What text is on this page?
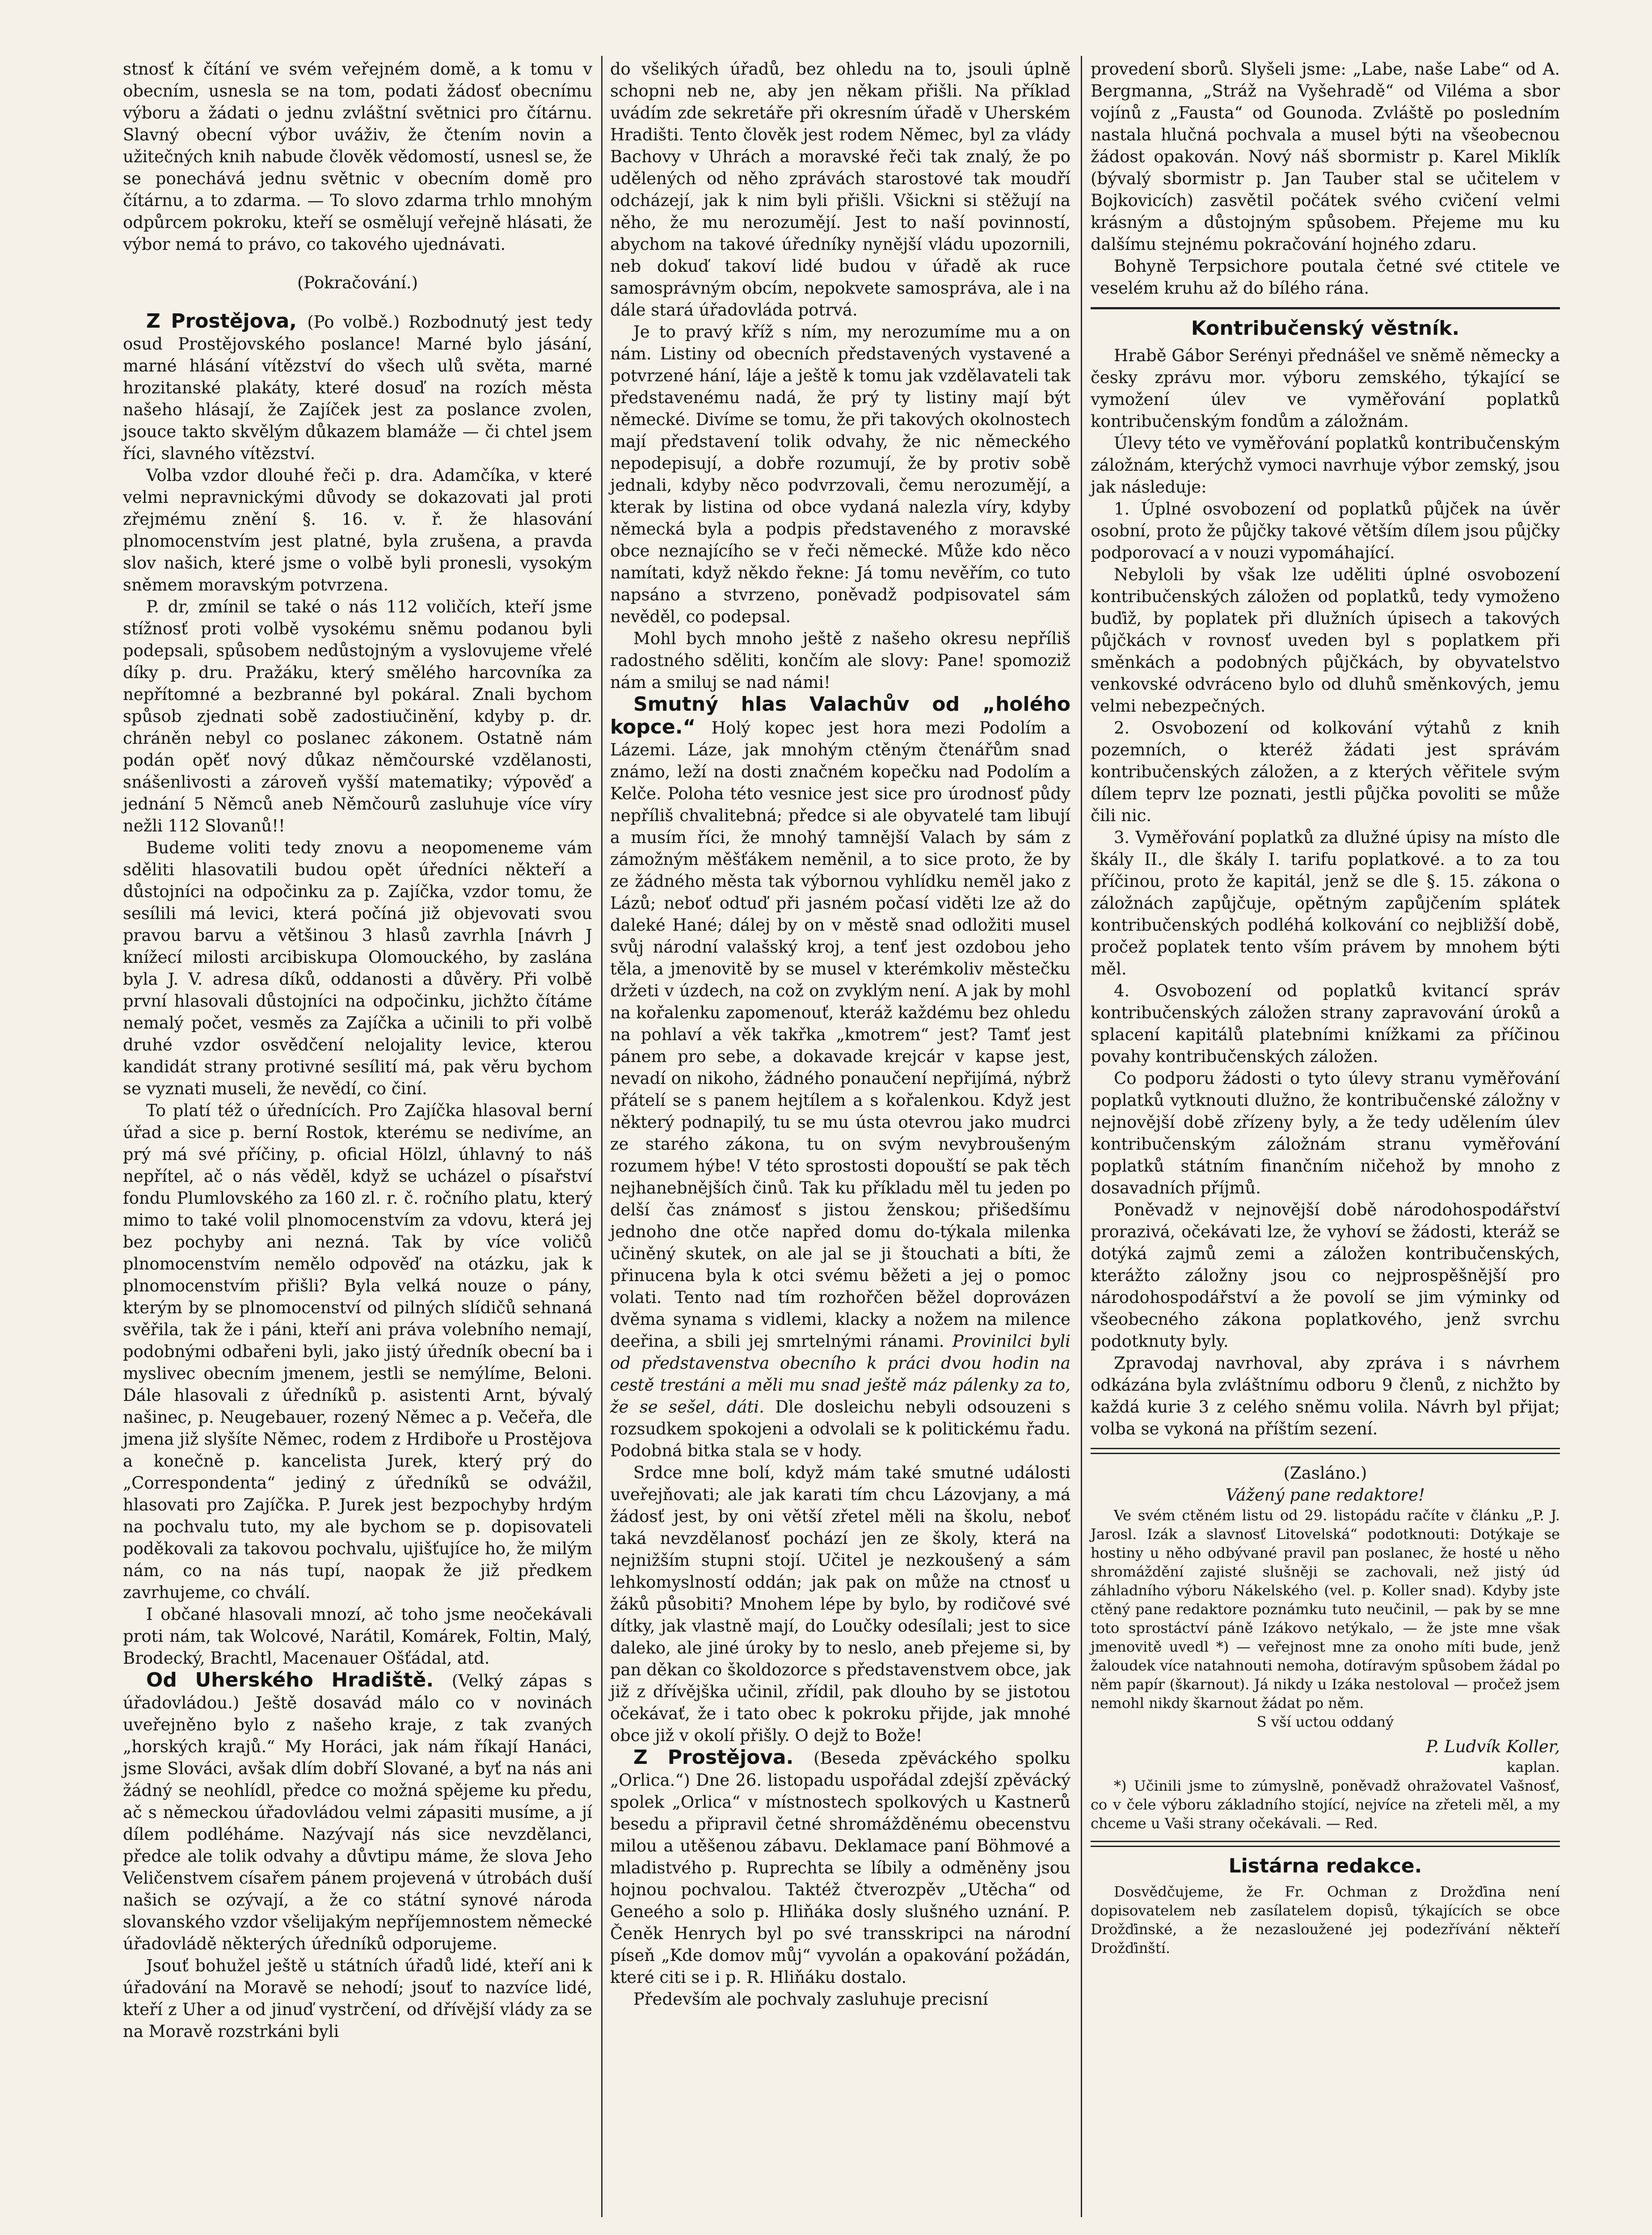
stnosť k čítání ve svém veřejném domě, a k tomu v obecním, usnesla se na tom, podati žádosť obecnímu výboru a žádati o jednu zvláštní světnici pro čítárnu. Slavný obecní výbor uváživ, že čtením novin a užitečných knih nabude člověk vědomostí, usnesl se, že se ponechává jednu světnic v obecním domě pro čítárnu, a to zdarma. — To slovo zdarma trhlo mnohým odpůrcem pokroku, kteří se osmělují veřejně hlásati, že výbor nemá to právo, co takového ujednávati.

(Pokračování.)

Z Prostějova, (Po volbě.) Rozbodnutý jest tedy osud Prostějovského poslance! Marné bylo jásání, marné hlásání vítězství do všech ulů světa, marné hrozitanské plakáty, které dosuď na rozích města našeho hlásají, že Zajíček jest za poslance zvolen, jsouce takto skvělým důkazem blamáže — či chtel jsem říci, slavného vítězství.

Volba vzdor dlouhé řeči p. dra. Adamčíka, v které velmi nepravnickými důvody se dokazovati jal proti zřejmému znění §. 16. v. ř. že hlasování plnomocenstvím jest platné, byla zrušena, a pravda slov našich, které jsme o volbě byli pronesli, vysokým sněmem moravským potvrzena.

P. dr, zmínil se také o nás 112 voličích, kteří jsme stížnosť proti volbě vysokému sněmu podanou byli podepsali, spůsobem nedůstojným a vyslovujeme vřelé díky p. dru. Pražáku, který smělého harcovníka za nepřítomné a bezbranné byl pokáral. Znali bychom spůsob zjednati sobě zadostiučinění, kdyby p. dr. chráněn nebyl co poslanec zákonem. Ostatně nám podán opěť nový důkaz němčourské vzdělanosti, snášenlivosti a zároveň vyšší matematiky; výpověď a jednání 5 Němců aneb Němčourů zasluhuje více víry nežli 112 Slovanů!!

Budeme voliti tedy znovu a neopomeneme vám sděliti hlasovatili budou opět úředníci někteří a důstojníci na odpočinku za p. Zajíčka, vzdor tomu, že sesílili má levici, která počíná již objevovati svou pravou barvu a většinou 3 hlasů zavrhla [návrh J knížecí milosti arcibiskupa Olomouckého, by zaslána byla J. V. adresa díků, oddanosti a důvěry. Při volbě první hlasovali důstojníci na odpočinku, jichžto čítáme nemalý počet, vesměs za Zajíčka a učinili to při volbě druhé vzdor osvědčení nelojality levice, kterou kandidát strany protivné sesílití má, pak věru bychom se vyznati museli, že nevědí, co činí.

To platí též o úřednících. Pro Zajíčka hlasoval berní úřad a sice p. berní Rostok, kterému se nedivíme, an prý má své příčiny, p. oficial Hölzl, úhlavný to náš nepřítel, ač o nás věděl, když se ucházel o písařství fondu Plumlovského za 160 zl. r. č. ročního platu, který mimo to také volil plnomocenstvím za vdovu, která jej bez pochyby ani nezná. Tak by více voličů plnomocenstvím nemělo odpověď na otázku, jak k plnomocenstvím přišli? Byla velká nouze o pány, kterým by se plnomocenství od pilných slídičů sehnaná svěřila, tak že i páni, kteří ani práva volebního nemají, podobnými odbařeni byli, jako jistý úředník obecní ba i myslivec obecním jmenem, jestli se nemýlíme, Beloni. Dále hlasovali z úředníků p. asistenti Arnt, bývalý našinec, p. Neugebauer, rozený Němec a p. Večeřa, dle jmena již slyšíte Němec, rodem z Hrdiboře u Prostějova a konečně p. kancelista Jurek, který prý do „Correspondenta“ jediný z úředníků se odvážil, hlasovati pro Zajíčka. P. Jurek jest bezpochyby hrdým na pochvalu tuto, my ale bychom se p. dopisovateli poděkovali za takovou pochvalu, ujišťujíce ho, že milým nám, co na nás tupí, naopak že již předkem zavrhujeme, co chválí.

I občané hlasovali mnozí, ač toho jsme neočekávali proti nám, tak Wolcové, Narátil, Komárek, Foltin, Malý, Brodecký, Brachtl, Macenauer Ošťádal, atd.

Od Uherského Hradiště. (Velký zápas s úřadovládou.) Ještě dosavád málo co v novinách uveřejněno bylo z našeho kraje, z tak zvaných „horských krajů.“ My Horáci, jak nám říkají Hanáci, jsme Slováci, avšak dlím dobří Slované, a byť na nás ani žádný se neohlídl, předce co možná spějeme ku předu, ač s německou úřadovládou velmi zápasiti musíme, a jí dílem podléháme. Nazývají nás sice nevzdělanci, předce ale tolik odvahy a důvtipu máme, že slova Jeho Veličenstvem císařem pánem projevená v útrobách duší našich se ozývají, a že co státní synové národa slovanského vzdor všelijakým nepříjemnostem německé úřadovládě některých úředníků odporujeme.

Jsouť bohužel ještě u státních úřadů lidé, kteří ani k úřadování na Moravě se nehodí; jsouť to nazvíce lidé, kteří z Uher a od jinuď vystrčení, od dřívější vlády za se na Moravě rozstrkáni byli

do všelikých úřadů, bez ohledu na to, jsouli úplně schopni neb ne, aby jen někam přišli. Na příklad uvádím zde sekretáře při okresním úřadě v Uherském Hradišti. Tento člověk jest rodem Němec, byl za vlády Bachovy v Uhrách a moravské řeči tak znalý, že po udělených od něho zprávách starostové tak moudří odcházejí, jak k nim byli přišli. Všickni si stěžují na něho, že mu nerozumějí. Jest to naší povinností, abychom na takové úředníky nynější vládu upozornili, neb dokuď takoví lidé budou v úřadě ak ruce samosprávným obcím, nepokvete samospráva, ale i na dále stará úřadovláda potrvá.

Je to pravý kříž s ním, my nerozumíme mu a on nám. Listiny od obecních představených vystavené a potvrzené hání, láje a ještě k tomu jak vzdělavateli tak představenému nadá, že prý ty listiny mají být německé. Divíme se tomu, že při takových okolnostech mají představení tolik odvahy, že nic německého nepodepisují, a dobře rozumují, že by protiv sobě jednali, kdyby něco podvrzovali, čemu nerozumějí, a kterak by listina od obce vydaná nalezla víry, kdyby německá byla a podpis představeného z moravské obce neznajícího se v řeči německé. Může kdo něco namítati, když někdo řekne: Já tomu nevěřím, co tuto napsáno a stvrzeno, poněvadž podpisovatel sám nevěděl, co podepsal.

Mohl bych mnoho ještě z našeho okresu nepříliš radostného sděliti, končím ale slovy: Pane! spomoziž nám a smiluj se nad námi!

Smutný hlas Valachův od „holého kopce.“ Holý kopec jest hora mezi Podolím a Lázemi. Láze, jak mnohým ctěným čtenářům snad známo, leží na dosti značném kopečku nad Podolím a Kelče. Poloha této vesnice jest sice pro úrodnosť půdy nepříliš chvalitebná; předce si ale obyvatelé tam libují a musím říci, že mnohý tamnější Valach by sám z zámožným měšťákem neměnil, a to sice proto, že by ze žádného města tak výbornou vyhlídku neměl jako z Lázů; neboť odtuď při jasném počasí viděti lze až do daleké Hané; dálej by on v městě snad odložiti musel svůj národní valašský kroj, a tenť jest ozdobou jeho těla, a jmenovitě by se musel v kterémkoliv městečku držeti v úzdech, na což on zvyklým není. A jak by mohl na kořalenku zapomenouť, kteráž každému bez ohledu na pohlaví a věk takřka „kmotrem“ jest? Tamť jest pánem pro sebe, a dokavade krejcár v kapse jest, nevadí on nikoho, žádného ponaučení nepřijímá, nýbrž přátelí se s panem hejtílem a s kořalenkou. Když jest některý podnapilý, tu se mu ústa otevrou jako mudrci ze starého zákona, tu on svým nevybroušeným rozumem hýbe! V této sprostosti dopouští se pak těch nejhanebnějších činů. Tak ku příkladu měl tu jeden po delší čas známosť s jistou ženskou; přišedšímu jednoho dne otče napřed domu do-týkala milenka učiněný skutek, on ale jal se ji štouchati a bíti, že přinucena byla k otci svému běžeti a jej o pomoc volati. Tento nad tím rozhořčen běžel doprovázen dvěma synama s vidlemi, klacky a nožem na milence deeřina, a sbili jej smrtelnými ránami. Provinilci byli od představenstva obecního k práci dvou hodin na cestě trestáni a měli mu snad ještě máz pálenky za to, že se sešel, dáti. Dle dosleichu nebyli odsouzeni s rozsudkem spokojeni a odvolali se k politickému řadu. Podobná bitka stala se v hody.

Srdce mne bolí, když mám také smutné události uveřejňovati; ale jak karati tím chcu Lázovjany, a má žádosť jest, by oni větší zřetel měli na školu, neboť taká nevzdělanosť pochází jen ze školy, která na nejnižším stupni stojí. Učitel je nezkoušený a sám lehkomyslností oddán; jak pak on může na ctnosť u žáků působiti? Mnohem lépe by bylo, by rodičové své dítky, jak vlastně mají, do Loučky odesílali; jest to sice daleko, ale jiné úroky by to neslo, aneb přejeme si, by pan děkan co školdozorce s představenstvem obce, jak již z dřívějška učinil, zřídil, pak dlouho by se jistotou očekávať, že i tato obec k pokroku přijde, jak mnohé obce již v okolí přišly. O dejž to Bože!

Z Prostějova. (Beseda zpěváckého spolku „Orlica.“) Dne 26. listopadu uspořádal zdejší zpěvácký spolek „Orlica“ v místnostech spolkových u Kastnerů besedu a připravil četné shromážděnému obecenstvu milou a utěšenou zábavu. Deklamace paní Böhmové a mladistvého p. Ruprechta se líbily a odměněny jsou hojnou pochvalou. Taktéž čtverozpěv „Utěcha“ od Geneého a solo p. Hliňáka dosly slušného uznání. P. Čeněk Henrych byl po své transskripci na národní píseň „Kde domov můj“ vyvolán a opakování požádán, které citi se i p. R. Hliňáku dostalo.

Především ale pochvaly zasluhuje precisní

provedení sborů. Slyšeli jsme: „Labe, naše Labe“ od A. Bergmanna, „Stráž na Vyšehradě“ od Viléma a sbor vojínů z „Fausta“ od Gounoda. Zvláště po posledním nastala hlučná pochvala a musel býti na všeobecnou žádost opakován. Nový náš sbormistr p. Karel Miklík (bývalý sbormistr p. Jan Tauber stal se učitelem v Bojkovicích) zasvětil počátek svého cvičení velmi krásným a důstojným spůsobem. Přejeme mu ku dalšímu stejnému pokračování hojného zdaru.

Bohyně Terpsichore poutala četné své ctitele ve veselém kruhu až do bílého rána.

Kontribučenský věstník.

Hrabě Gábor Serényi přednášel ve sněmě německy a česky zprávu mor. výboru zemského, týkající se vymožení úlev ve vyměřování poplatků kontribučenským fondům a záložnám.

Úlevy této ve vyměřování poplatků kontribučenským záložnám, kterýchž vymoci navrhuje výbor zemský, jsou jak následuje:

1. Úplné osvobození od poplatků půjček na úvěr osobní, proto že půjčky takové větším dílem jsou půjčky podporovací a v nouzi vypomáhající.

Nebyloli by však lze uděliti úplné osvobození kontribučenských záložen od poplatků, tedy vymoženo buďiž, by poplatek při dlužních úpisech a takových půjčkách v rovnosť uveden byl s poplatkem při směnkách a podobných půjčkách, by obyvatelstvo venkovské odvráceno bylo od dluhů směnkových, jemu velmi nebezpečných.

2. Osvobození od kolkování výtahů z knih pozemních, o kteréž žádati jest správám kontribučenských záložen, a z kterých věřitele svým dílem teprv lze poznati, jestli půjčka povoliti se může čili nic.

3. Vyměřování poplatků za dlužné úpisy na místo dle škály II., dle škály I. tarifu poplatkové. a to za tou příčinou, proto že kapitál, jenž se dle §. 15. zákona o záložnách zapůjčuje, opětným zapůjčením splátek kontribučenských podléhá kolkování co nejbližší době, pročež poplatek tento vším právem by mnohem býti měl.

4. Osvobození od poplatků kvitancí správ kontribučenských záložen strany zapravování úroků a splacení kapitálů platebními knížkami za příčinou povahy kontribučenských záložen.

Co podporu žádosti o tyto úlevy stranu vyměřování poplatků vytknouti dlužno, že kontribučenské záložny v nejnovější době zřízeny byly, a že tedy udělením úlev kontribučenským záložnám stranu vyměřování poplatků státním finančním ničehož by mnoho z dosavadních příjmů.

Poněvadž v nejnovější době národohospodářství prorazivá, očekávati lze, že vyhoví se žádosti, kteráž se dotýká zajmů zemi a záložen kontribučenských, kterážto záložny jsou co nejprospěšnější pro národohospodářství a že povolí se jim výminky od všeobecného zákona poplatkového, jenž svrchu podotknuty byly.

Zpravodaj navrhoval, aby zpráva i s návrhem odkázána byla zvláštnímu odboru 9 členů, z nichžto by každá kurie 3 z celého sněmu volila. Návrh byl přijat; volba se vykoná na příštím sezení.

(Zasláno.)
Vážený pane redaktore!

Ve svém ctěném listu od 29. listopádu račíte v článku „P. J. Jarosl. Izák a slavnosť Litovelská“ podotknouti: Dotýkaje se hostiny u něho odbývané pravil pan poslanec, že hosté u něho shromáždění zajisté slušněji se zachovali, než jistý úd záhladního výboru Nákelského (vel. p. Koller snad). Kdyby jste ctěný pane redaktore poznámku tuto neučinil, — pak by se mne toto sprostáctví páně Izákovo netýkalo, — že jste mne však jmenovitě uvedl *) — veřejnost mne za onoho míti bude, jenž žaloudek více natahnouti nemoha, dotíravým spůsobem žádal po něm papír (škarnout). Já nikdy u Izáka nestoloval — pročež jsem nemohl nikdy škarnout žádat po něm.

S vší uctou oddaný
P. Ludvík Koller,
kaplan.

*) Učinili jsme to zúmyslně, poněvadž ohražovatel Vašnosť, co v čele výboru základního stojící, nejvíce na zřeteli měl, a my chceme u Vaši strany očekávali. — Red.

Listárna redakce.

Dosvědčujeme, že Fr. Ochman z Drožďina není dopisovatelem neb zasílatelem dopisů, týkajících se obce Drožďinské, a že nezasloužené jej podezřívání někteří Drožďinští.
